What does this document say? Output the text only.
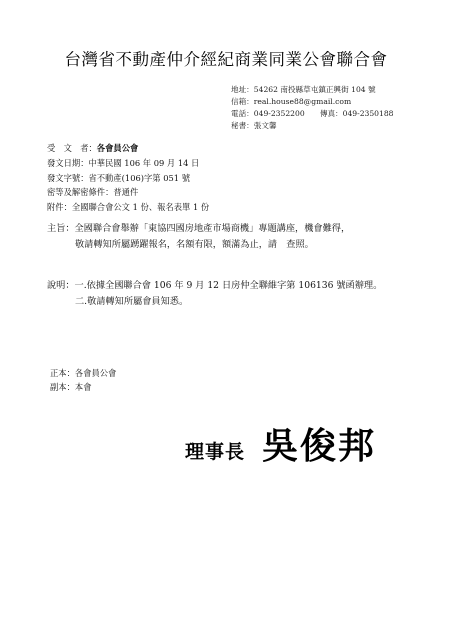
台灣省不動產仲介經紀商業同業公會聯合會
地址：54262 南投縣草屯鎮正興街 104 號
信箱：real.house88@gmail.com
電話：049-2352200　　傳真：049-2350188
秘書：張文馨
受　文　者：各會員公會
發文日期：中華民國 106 年 09 月 14 日
發文字號：省不動產(106)字第 051 號
密等及解密條件：普通件
附件：全國聯合會公文 1 份、報名表單 1 份
主旨：全國聯合會舉辦「東協四國房地產市場商機」專題講座，機會難得，
敬請轉知所屬踴躍報名，名額有限，額滿為止，請　查照。
說明：一.依據全國聯合會 106 年 9 月 12 日房仲全聯維字第 106136 號函辦理。
二.敬請轉知所屬會員知悉。
正本：各會員公會
副本：本會
理事長 吳俊邦
